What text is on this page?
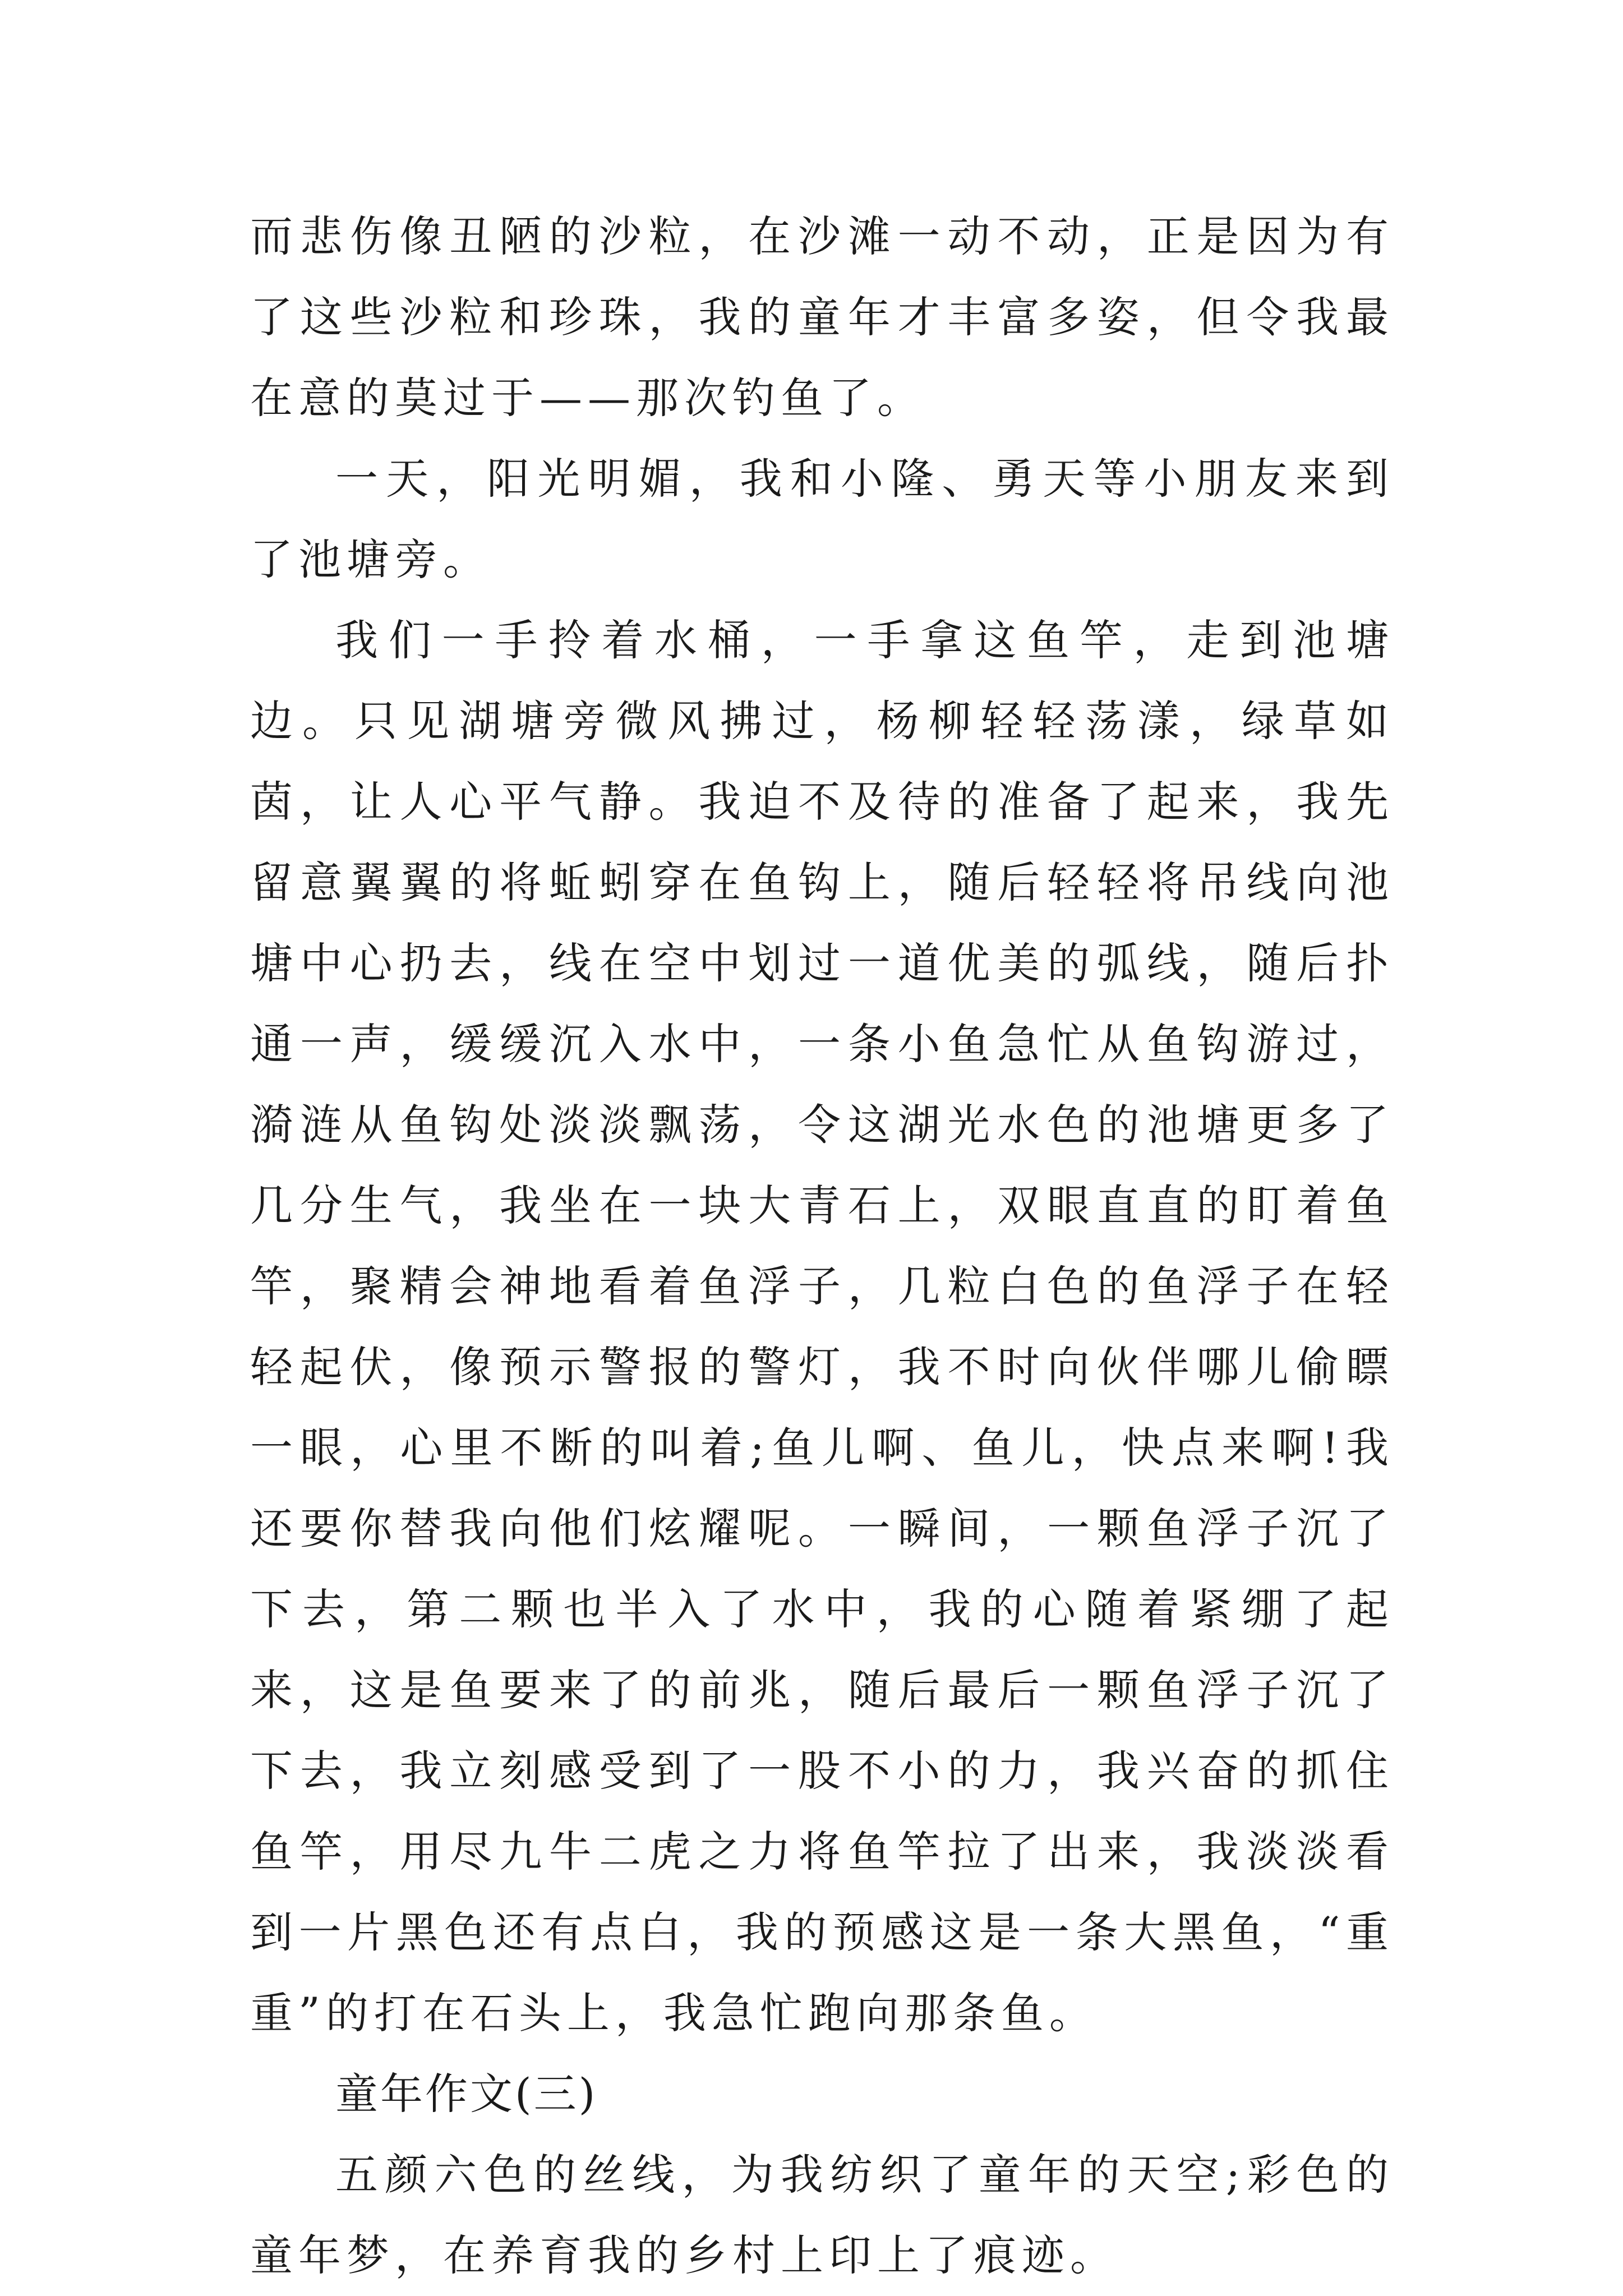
而悲伤像丑陋的沙粒，在沙滩一动不动，正是因为有了这些沙粒和珍珠，我的童年才丰富多姿，但令我最在意的莫过于——那次钓鱼了。

一天，阳光明媚，我和小隆、勇天等小朋友来到了池塘旁。

我们一手拎着水桶，一手拿这鱼竿，走到池塘边。只见湖塘旁微风拂过，杨柳轻轻荡漾，绿草如茵，让人心平气静。我迫不及待的准备了起来，我先留意翼翼的将蚯蚓穿在鱼钩上，随后轻轻将吊线向池塘中心扔去，线在空中划过一道优美的弧线，随后扑通一声，缓缓沉入水中，一条小鱼急忙从鱼钩游过，漪涟从鱼钩处淡淡飘荡，令这湖光水色的池塘更多了几分生气，我坐在一块大青石上，双眼直直的盯着鱼竿，聚精会神地看着鱼浮子，几粒白色的鱼浮子在轻轻起伏，像预示警报的警灯，我不时向伙伴哪儿偷瞟一眼，心里不断的叫着;鱼儿啊、鱼儿，快点来啊!我还要你替我向他们炫耀呢。一瞬间，一颗鱼浮子沉了下去，第二颗也半入了水中，我的心随着紧绷了起来，这是鱼要来了的前兆，随后最后一颗鱼浮子沉了下去，我立刻感受到了一股不小的力，我兴奋的抓住鱼竿，用尽九牛二虎之力将鱼竿拉了出来，我淡淡看到一片黑色还有点白，我的预感这是一条大黑鱼，“重重”的打在石头上，我急忙跑向那条鱼。

童年作文(三)

五颜六色的丝线，为我纺织了童年的天空;彩色的童年梦，在养育我的乡村上印上了痕迹。
